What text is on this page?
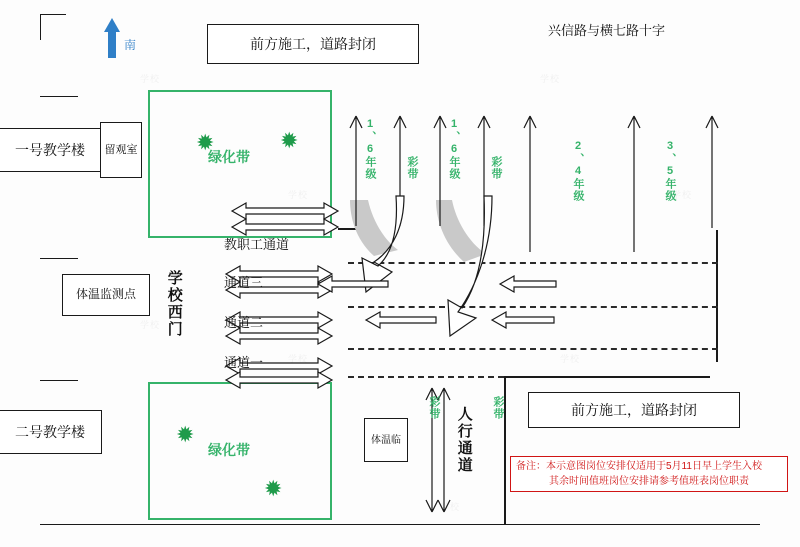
学校	学校
学校	学校
学校
学校	学校
学校
兴信路与横七路十字
南	前方施工，道路封闭
前方施工，道路封闭
一号教学楼
二号教学楼
留观室
体温监测点
体温临
✹	✹
绿化带
✹
✹
绿化带
1、6年级	彩带	1、6年级	彩带	2、4年级	3、5年级
彩带	彩带
教职工通道
通道三
通道二
通道一
学校西门
人行通道	备注：本示意图岗位安排仅适用于5月11日早上学生入校
其余时间值班岗位安排请参考值班表岗位职责
